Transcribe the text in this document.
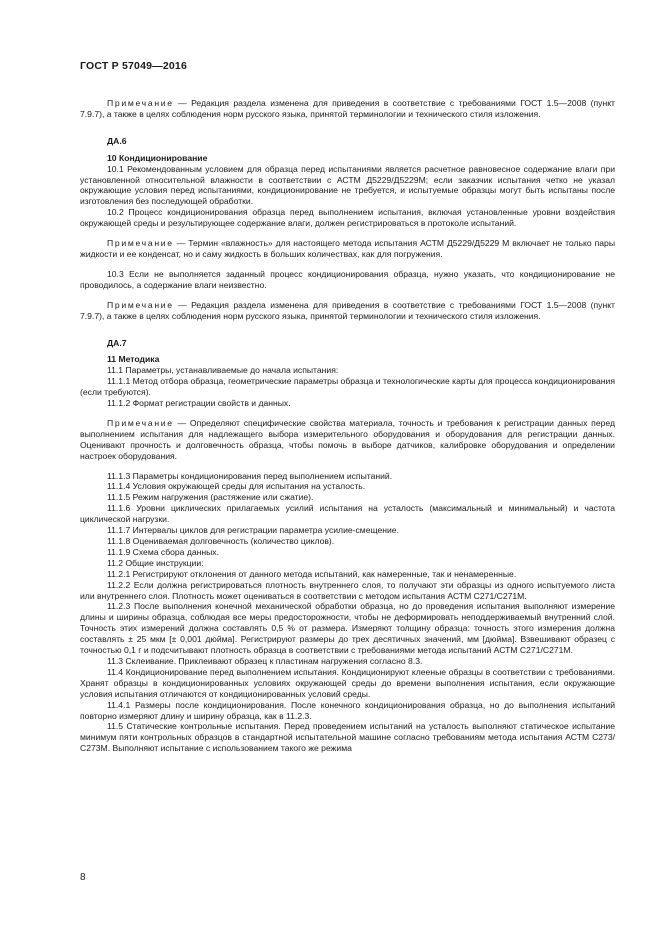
ГОСТ Р 57049—2016

Примечание — Редакция раздела изменена для приведения в соответствие с требованиями ГОСТ 1.5—2008 (пункт 7.9.7), а также в целях соблюдения норм русского языка, принятой терминологии и технического стиля изложения.

ДА.6

10 Кондиционирование

10.1 Рекомендованным условием для образца перед испытаниями является расчетное равновесное содержание влаги при установленной относительной влажности в соответствии с АСТМ Д5229/Д5229М; если заказчик испытания четко не указал окружающие условия перед испытаниями, кондиционирование не требуется, и испытуемые образцы могут быть испытаны после изготовления без последующей обработки.

10.2 Процесс кондиционирования образца перед выполнением испытания, включая установленные уровни воздействия окружающей среды и результирующее содержание влаги, должен регистрироваться в протоколе испытаний.

Примечание — Термин «влажность» для настоящего метода испытания АСТМ Д5229/Д5229 М включает не только пары жидкости и ее конденсат, но и саму жидкость в больших количествах, как для погружения.

10.3 Если не выполняется заданный процесс кондиционирования образца, нужно указать, что кондиционирование не проводилось, а содержание влаги неизвестно.

Примечание — Редакция раздела изменена для приведения в соответствие с требованиями ГОСТ 1.5—2008 (пункт 7.9.7), а также в целях соблюдения норм русского языка, принятой терминологии и технического стиля изложения.

ДА.7

11 Методика

11.1 Параметры, устанавливаемые до начала испытания:

11.1.1 Метод отбора образца, геометрические параметры образца и технологические карты для процесса кондиционирования (если требуются).

11.1.2 Формат регистрации свойств и данных.

Примечание — Определяют специфические свойства материала, точность и требования к регистрации данных перед выполнением испытания для надлежащего выбора измерительного оборудования и оборудования для регистрации данных. Оценивают прочность и долговечность образца, чтобы помочь в выборе датчиков, калибровке оборудования и определении настроек оборудования.

11.1.3 Параметры кондиционирования перед выполнением испытаний.

11.1.4 Условия окружающей среды для испытания на усталость.

11.1.5 Режим нагружения (растяжение или сжатие).

11.1.6 Уровни циклических прилагаемых усилий испытания на усталость (максимальный и минимальный) и частота циклической нагрузки.

11.1.7 Интервалы циклов для регистрации параметра усилие-смещение.

11.1.8 Оцениваемая долговечность (количество циклов).

11.1.9 Схема сбора данных.

11.2 Общие инструкции:

11.2.1 Регистрируют отклонения от данного метода испытаний, как намеренные, так и ненамеренные.

11.2.2 Если должна регистрироваться плотность внутреннего слоя, то получают эти образцы из одного испытуемого листа или внутреннего слоя. Плотность может оцениваться в соответствии с методом испытания АСТМ С271/С271М.

11.2.3 После выполнения конечной механической обработки образца, но до проведения испытания выполняют измерение длины и ширины образца, соблюдая все меры предосторожности, чтобы не деформировать неподдерживаемый внутренний слой. Точность этих измерений должна составлять 0,5 % от размера. Измеряют толщину образца: точность этого измерения должна составлять ± 25 мкм [± 0,001 дюйма]. Регистрируют размеры до трех десятичных значений, мм [дюйма]. Взвешивают образец с точностью 0,1 г и подсчитывают плотность образца в соответствии с требованиями метода испытаний АСТМ С271/С271М.

11.3 Склеивание. Приклеивают образец к пластинам нагружения согласно 8.3.

11.4 Кондиционирование перед выполнением испытания. Кондиционируют клееные образцы в соответствии с требованиями. Хранят образцы в кондиционированных условиях окружающей среды до времени выполнения испытания, если окружающие условия испытания отличаются от кондиционированных условий среды.

11.4.1 Размеры после кондиционирования. После конечного кондиционирования образца, но до выполнения испытаний повторно измеряют длину и ширину образца, как в 11.2.3.

11.5 Статические контрольные испытания. Перед проведением испытаний на усталость выполняют статическое испытание минимум пяти контрольных образцов в стандартной испытательной машине согласно требованиям метода испытания АСТМ С273/С273М. Выполняют испытание с использованием такого же режима

8
